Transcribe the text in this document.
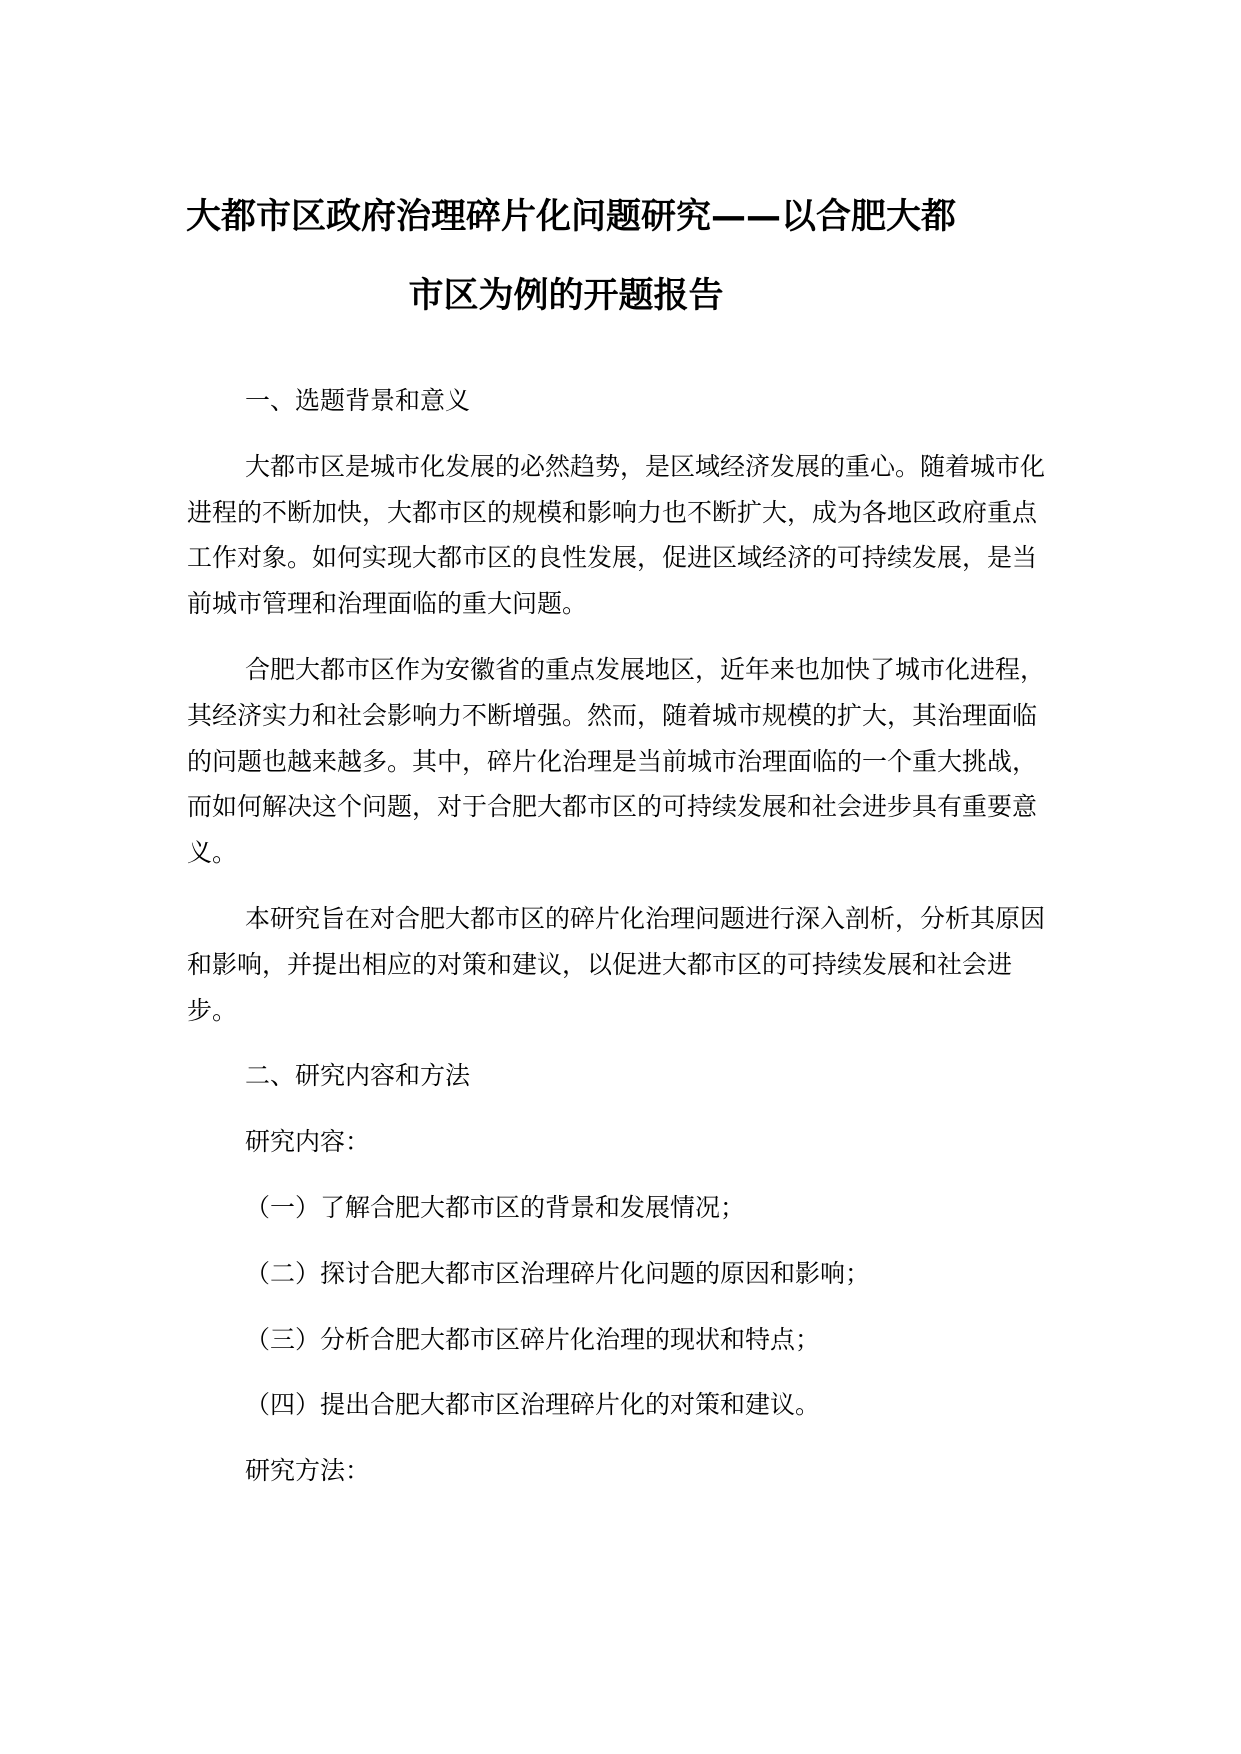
大都市区政府治理碎片化问题研究——以合肥大都
市区为例的开题报告

一、选题背景和意义

大都市区是城市化发展的必然趋势，是区域经济发展的重心。随着城市化进程的不断加快，大都市区的规模和影响力也不断扩大，成为各地区政府重点工作对象。如何实现大都市区的良性发展，促进区域经济的可持续发展，是当前城市管理和治理面临的重大问题。

合肥大都市区作为安徽省的重点发展地区，近年来也加快了城市化进程，其经济实力和社会影响力不断增强。然而，随着城市规模的扩大，其治理面临的问题也越来越多。其中，碎片化治理是当前城市治理面临的一个重大挑战，而如何解决这个问题，对于合肥大都市区的可持续发展和社会进步具有重要意义。

本研究旨在对合肥大都市区的碎片化治理问题进行深入剖析，分析其原因和影响，并提出相应的对策和建议，以促进大都市区的可持续发展和社会进步。

二、研究内容和方法

研究内容：

（一）了解合肥大都市区的背景和发展情况；

（二）探讨合肥大都市区治理碎片化问题的原因和影响；

（三）分析合肥大都市区碎片化治理的现状和特点；

（四）提出合肥大都市区治理碎片化的对策和建议。

研究方法：
